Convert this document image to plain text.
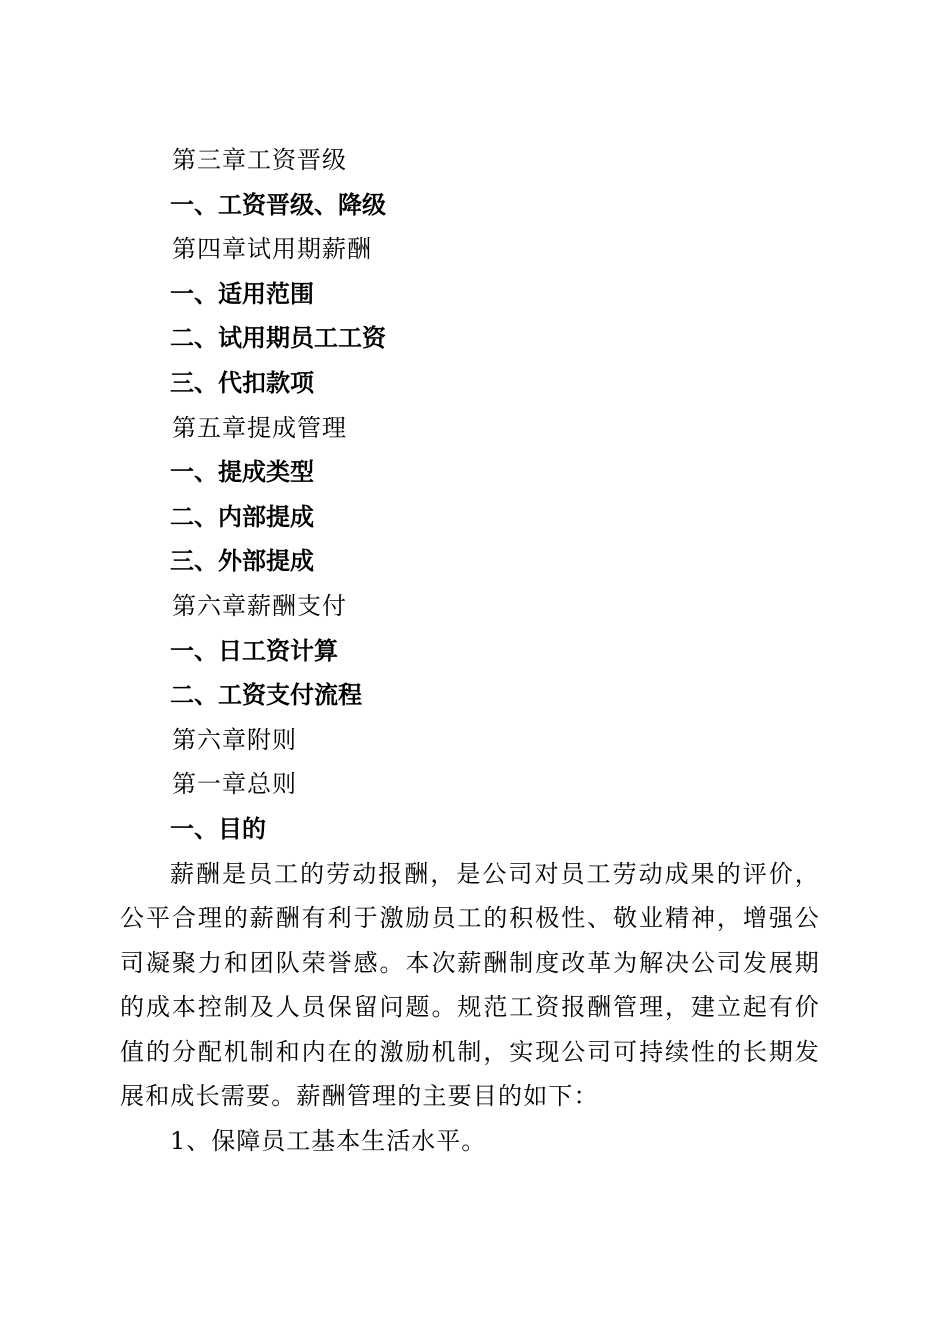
第三章工资晋级
一、工资晋级、降级
第四章试用期薪酬
一、适用范围
二、试用期员工工资
三、代扣款项
第五章提成管理
一、提成类型
二、内部提成
三、外部提成
第六章薪酬支付
一、日工资计算
二、工资支付流程
第六章附则
第一章总则
一、目的

薪酬是员工的劳动报酬，是公司对员工劳动成果的评价，公平合理的薪酬有利于激励员工的积极性、敬业精神，增强公司凝聚力和团队荣誉感。本次薪酬制度改革为解决公司发展期的成本控制及人员保留问题。规范工资报酬管理，建立起有价值的分配机制和内在的激励机制，实现公司可持续性的长期发展和成长需要。薪酬管理的主要目的如下：

1、保障员工基本生活水平。
